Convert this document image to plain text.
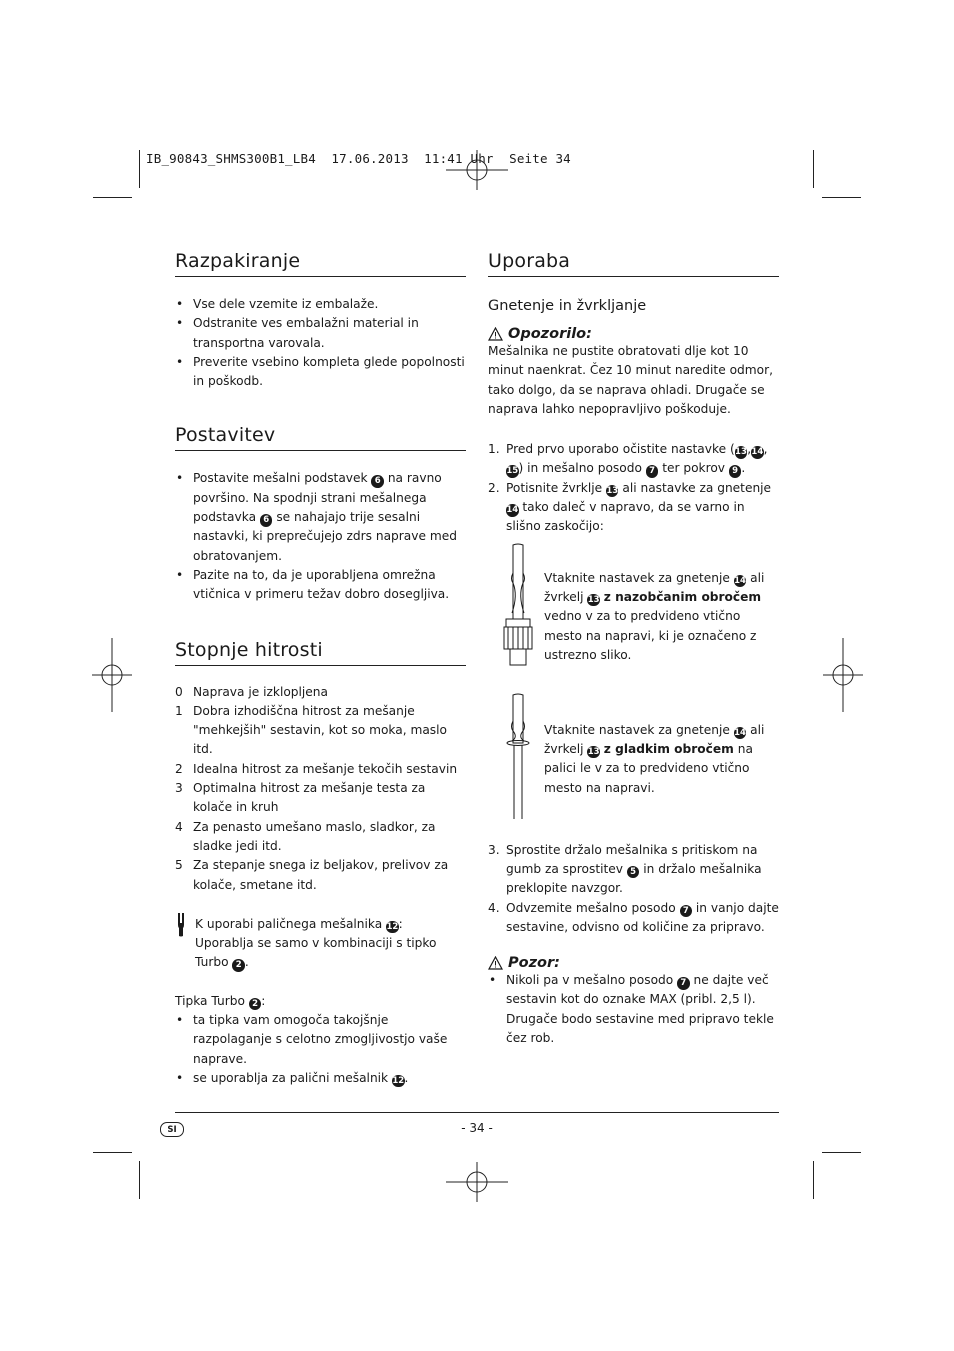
IB_90843_SHMS300B1_LB4  17.06.2013  11:41 Uhr  Seite 34
Razpakiranje
• Vse dele vzemite iz embalaže.
• Odstranite ves embalažni material in transportna varovala.
• Preverite vsebino kompleta glede popolnosti in poškodb.
Postavitev
• Postavite mešalni podstavek 6 na ravno površino. Na spodnji strani mešalnega podstavka 6 se nahajajo trije sesalni nastavki, ki preprečujejo zdrs naprave med obratovanjem.
• Pazite na to, da je uporabljena omrežna vtičnica v primeru težav dobro dosegljiva.
Stopnje hitrosti
0 Naprava je izklopljena
1 Dobra izhodiščna hitrost za mešanje "mehkejših" sestavin, kot so moka, maslo itd.
2 Idealna hitrost za mešanje tekočih sestavin
3 Optimalna hitrost za mešanje testa za kolače in kruh
4 Za penasto umešano maslo, sladkor, za sladke jedi itd.
5 Za stepanje snega iz beljakov, prelivov za kolače, smetane itd.

K uporabi paličnega mešalnika 12:

Uporablja se samo v kombinaciji s tipko Turbo 2 .

Tipka Turbo 2 :

• ta tipka vam omogoča takojšnje razpolaganje s celotno zmogljivostjo vaše naprave.
• se uporablja za palični mešalnik 12.
Uporaba
Gnetenje in žvrkljanje
Opozorilo:

Mešalnika ne pustite obratovati dlje kot 10 minut naenkrat. Čez 10 minut naredite odmor, tako dolgo, da se naprava ohladi. Drugače se naprava lahko nepopravljivo poškoduje.

1. Pred prvo uporabo očistite nastavke (13,14,15) in mešalno posodo 7 ter pokrov 9 .
2. Potisnite žvrklje 13 ali nastavke za gnetenje 14 tako daleč v napravo, da se varno in slišno zaskočijo:

Vtaknite nastavek za gnetenje 14 ali žvrkelj 13 z nazobčanim obročem vedno v za to predvideno vtično mesto na napravi, ki je označeno z ustrezno sliko.

Vtaknite nastavek za gnetenje 14 ali žvrkelj 13 z gladkim obročem na palici le v za to predvideno vtično mesto na napravi.

3. Sprostite držalo mešalnika s pritiskom na gumb za sprostitev 5 in držalo mešalnika preklopite navzgor.
4. Odvzemite mešalno posodo 7 in vanjo dajte sestavine, odvisno od količine za pripravo.
Pozor:
• Nikoli pa v mešalno posodo 7 ne dajte več sestavin kot do oznake MAX (pribl. 2,5 l). Drugače bodo sestavine med pripravo tekle čez rob.
SI	- 34 -
